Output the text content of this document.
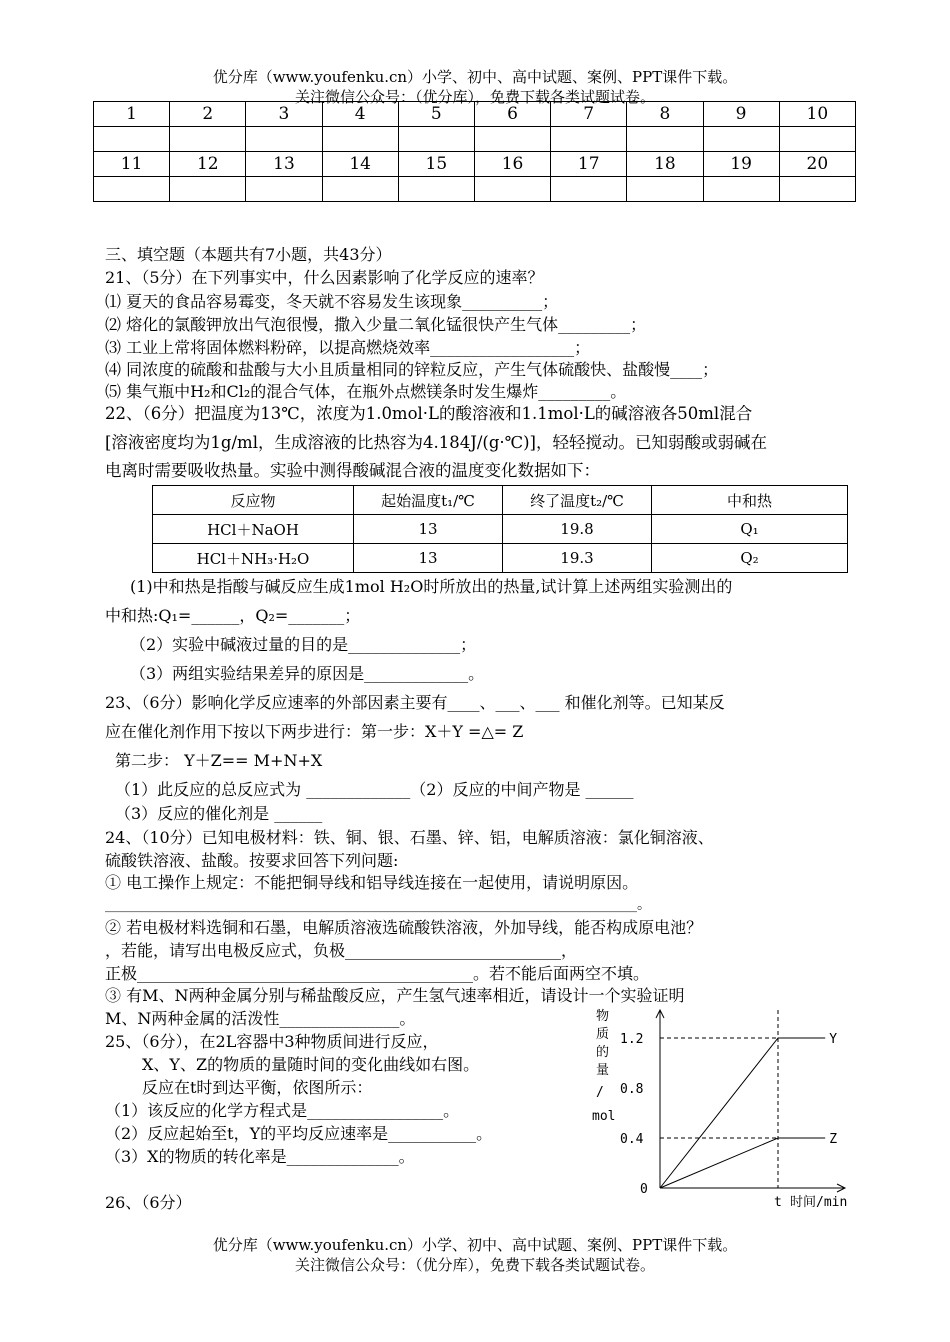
优分库（www.youfenku.cn）小学、初中、高中试题、案例、PPT课件下载。
关注微信公众号：（优分库），免费下载各类试题试卷。
1	2	3	4	5	6	7	8	9	10

11	12	13	14	15	16	17	18	19	20

三、填空题（本题共有7小题，共43分）
21、（5分）在下列事实中，什么因素影响了化学反应的速率？
⑴ 夏天的食品容易霉变，冬天就不容易发生该现象__________；
⑵ 熔化的氯酸钾放出气泡很慢，撒入少量二氧化锰很快产生气体_________；
⑶ 工业上常将固体燃料粉碎，以提高燃烧效率__________________；
⑷ 同浓度的硫酸和盐酸与大小且质量相同的锌粒反应，产生气体硫酸快、盐酸慢____；
⑸ 集气瓶中H₂和Cl₂的混合气体，在瓶外点燃镁条时发生爆炸_________。
22、（6分）把温度为13℃，浓度为1.0mol·L的酸溶液和1.1mol·L的碱溶液各50ml混合
[溶液密度均为1g/ml，生成溶液的比热容为4.184J/(g·℃)]，轻轻搅动。已知弱酸或弱碱在
电离时需要吸收热量。实验中测得酸碱混合液的温度变化数据如下：
反应物	起始温度t₁/℃	终了温度t₂/℃	中和热
HCl＋NaOH	13	19.8	Q₁
HCl＋NH₃·H₂O	13	19.3	Q₂
(1)中和热是指酸与碱反应生成1mol H₂O时所放出的热量,试计算上述两组实验测出的
中和热:Q₁=______，Q₂=_______；
（2）实验中碱液过量的目的是______________；
（3）两组实验结果差异的原因是_____________。
23、（6分）影响化学反应速率的外部因素主要有____、___、___ 和催化剂等。已知某反
应在催化剂作用下按以下两步进行：第一步：X＋Y =△= Z
第二步： Y＋Z== M+N+X
（1）此反应的总反应式为 _____________（2）反应的中间产物是 ______
（3）反应的催化剂是 ______
24、（10分）已知电极材料：铁、铜、银、石墨、锌、铝，电解质溶液：氯化铜溶液、
硫酸铁溶液、盐酸。按要求回答下列问题:
① 电工操作上规定：不能把铜导线和铝导线连接在一起使用，请说明原因。
____________________________________________________________________________。
② 若电极材料选铜和石墨，电解质溶液选硫酸铁溶液，外加导线，能否构成原电池？
，若能，请写出电极反应式，负极___________________________，
正极__________________________________________。若不能后面两空不填。
③ 有M、N两种金属分别与稀盐酸反应，产生氢气速率相近，请设计一个实验证明
M、N两种金属的活泼性_______________。
25、（6分），在2L容器中3种物质间进行反应，
X、Y、Z的物质的量随时间的变化曲线如右图。
反应在t时到达平衡，依图所示：
（1）该反应的化学方程式是_________________。
（2）反应起始至t，Y的平均反应速率是___________。
（3）X的物质的转化率是______________。
26、（6分）
1.2
0.8
0.4
0
Y
Z
t 时间/min
物
质
的
量
/
mol
优分库（www.youfenku.cn）小学、初中、高中试题、案例、PPT课件下载。
关注微信公众号：（优分库），免费下载各类试题试卷。
